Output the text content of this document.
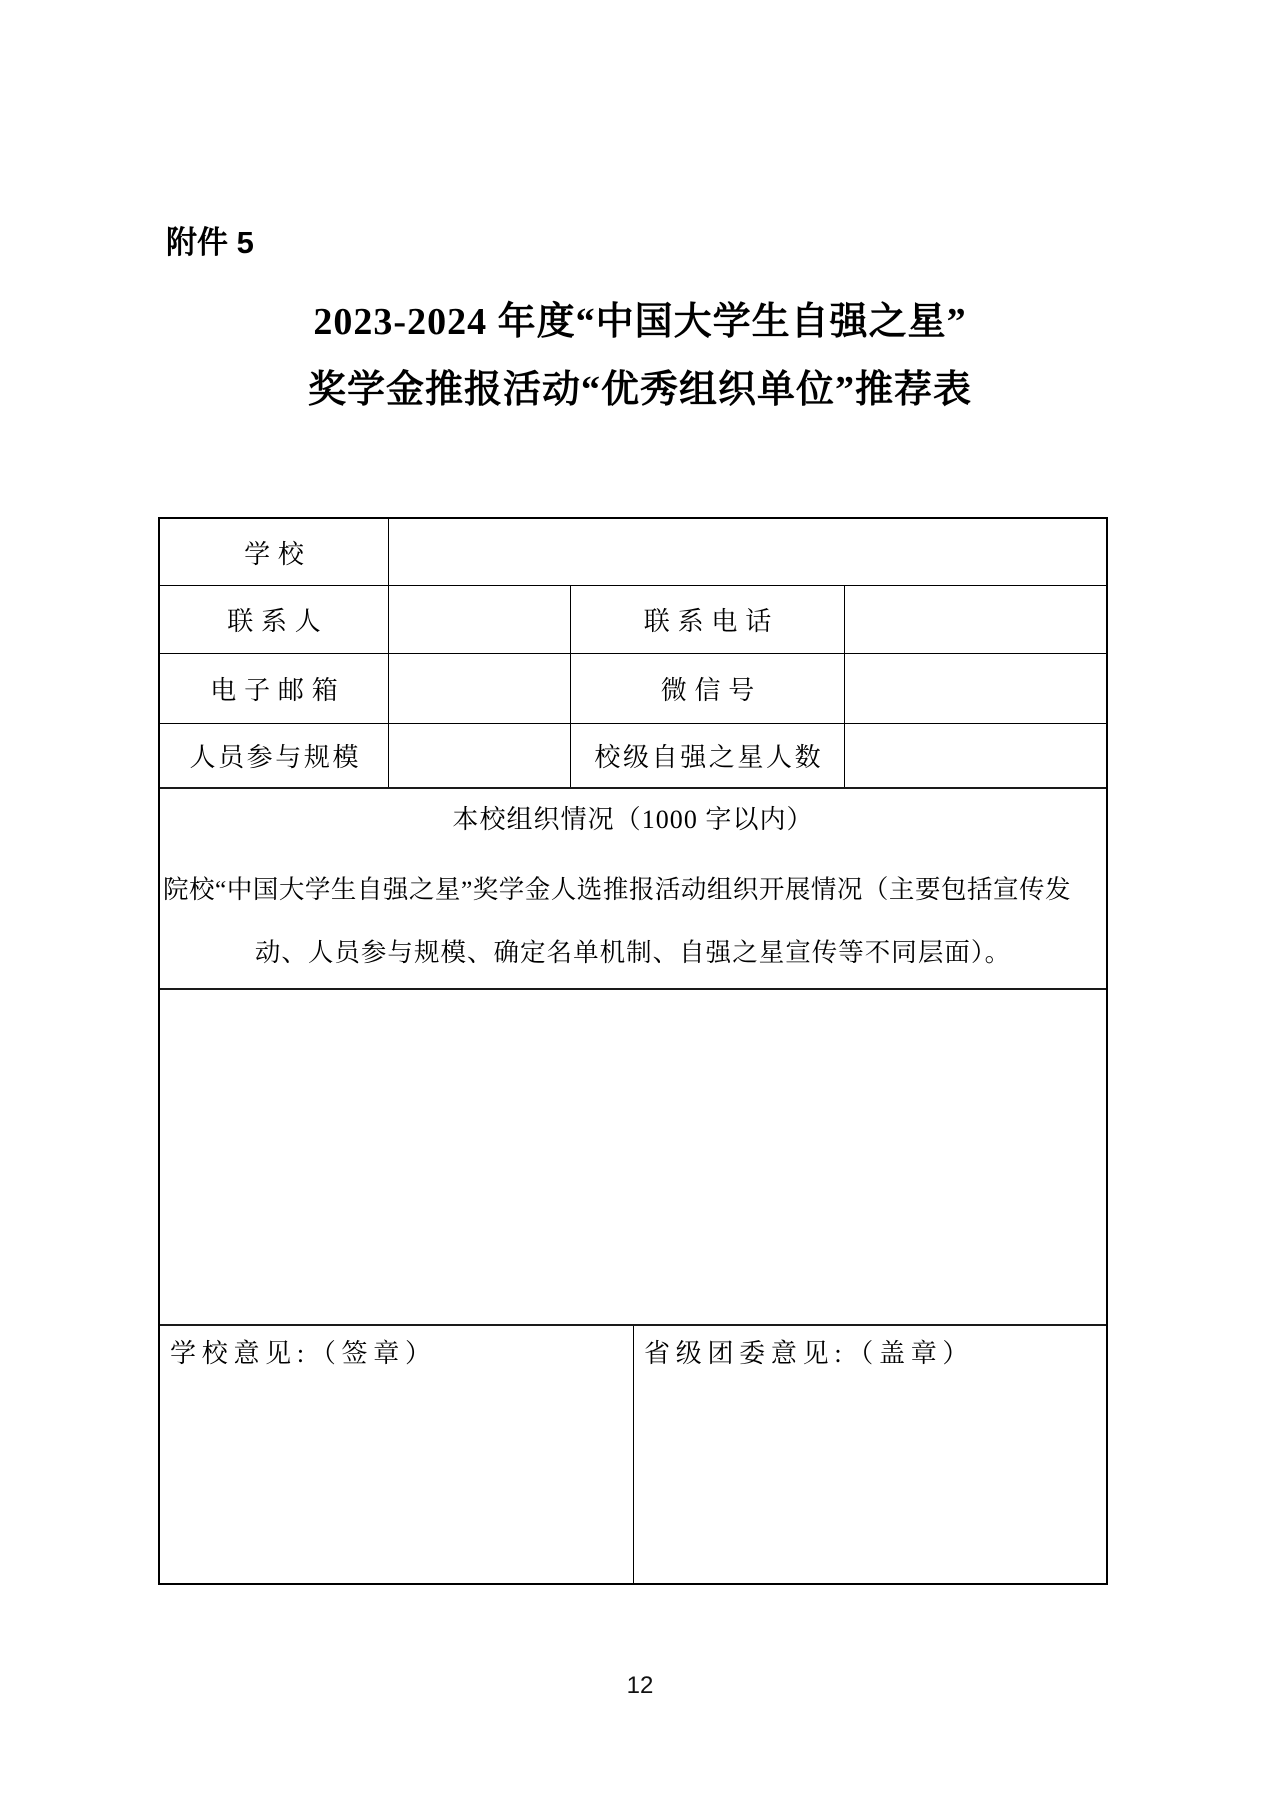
附件 5
2023-2024 年度“中国大学生自强之星”
奖学金推报活动“优秀组织单位”推荐表
学校
联系人	联系电话
电子邮箱	微信号
人员参与规模	校级自强之星人数
本校组织情况（1000 字以内）
院校“中国大学生自强之星”奖学金人选推报活动组织开展情况（主要包括宣传发
动、人员参与规模、确定名单机制、自强之星宣传等不同层面）。
学校意见:（签章）	省级团委意见:（盖章）
12
